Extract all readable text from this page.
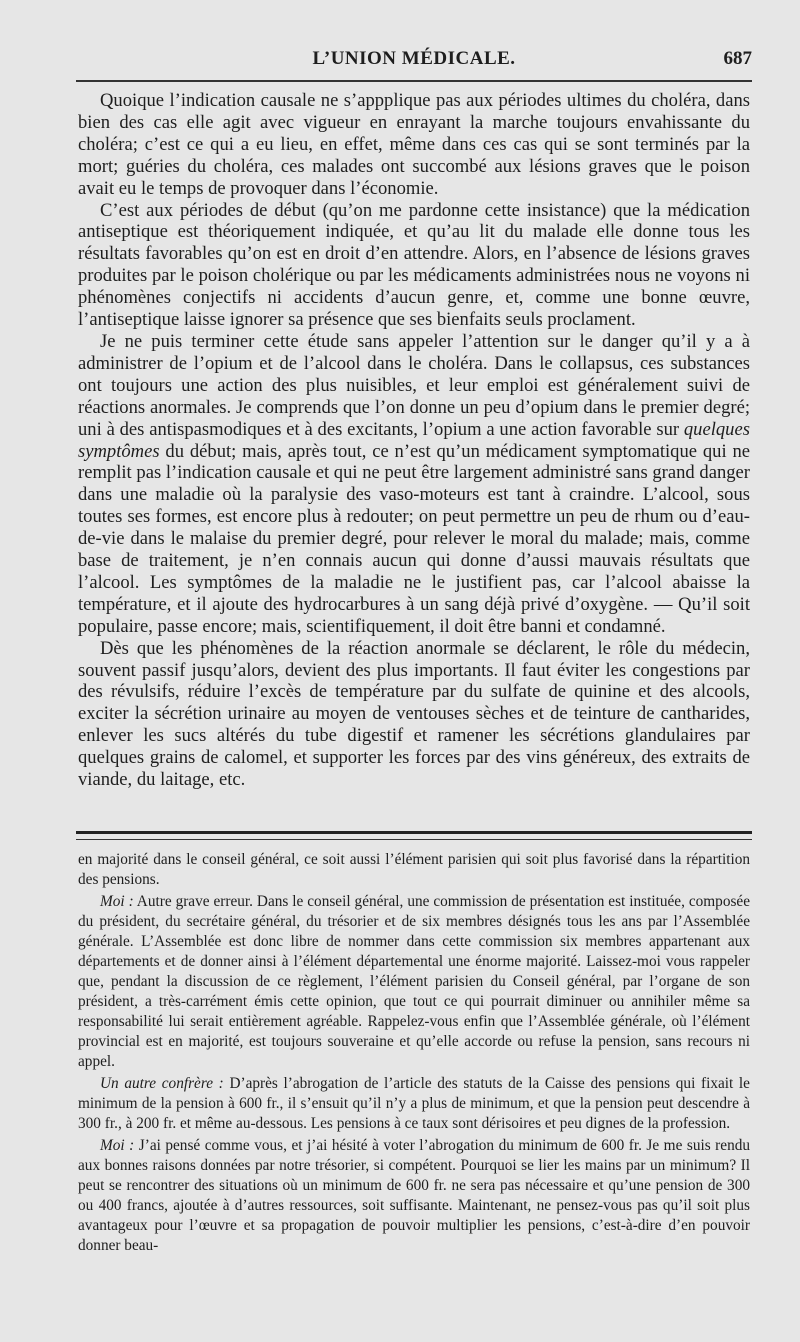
L’UNION MÉDICALE.	687

Quoique l’indication causale ne s’appplique pas aux périodes ultimes du choléra, dans bien des cas elle agit avec vigueur en enrayant la marche toujours envahissante du choléra; c’est ce qui a eu lieu, en effet, même dans ces cas qui se sont terminés par la mort; guéries du choléra, ces malades ont succombé aux lésions graves que le poison avait eu le temps de provoquer dans l’économie.

C’est aux périodes de début (qu’on me pardonne cette insistance) que la médication antiseptique est théoriquement indiquée, et qu’au lit du malade elle donne tous les résultats favorables qu’on est en droit d’en attendre. Alors, en l’absence de lésions graves produites par le poison cholérique ou par les médicaments administrées nous ne voyons ni phénomènes conjectifs ni accidents d’aucun genre, et, comme une bonne œuvre, l’antiseptique laisse ignorer sa présence que ses bienfaits seuls proclament.

Je ne puis terminer cette étude sans appeler l’attention sur le danger qu’il y a à administrer de l’opium et de l’alcool dans le choléra. Dans le collapsus, ces substances ont toujours une action des plus nuisibles, et leur emploi est généralement suivi de réactions anormales. Je comprends que l’on donne un peu d’opium dans le premier degré; uni à des antispasmodiques et à des excitants, l’opium a une action favorable sur quelques symptômes du début; mais, après tout, ce n’est qu’un médicament symptomatique qui ne remplit pas l’indication causale et qui ne peut être largement administré sans grand danger dans une maladie où la paralysie des vaso-moteurs est tant à craindre. L’alcool, sous toutes ses formes, est encore plus à redouter; on peut permettre un peu de rhum ou d’eau-de-vie dans le malaise du premier degré, pour relever le moral du malade; mais, comme base de traitement, je n’en connais aucun qui donne d’aussi mauvais résultats que l’alcool. Les symptômes de la maladie ne le justifient pas, car l’alcool abaisse la température, et il ajoute des hydrocarbures à un sang déjà privé d’oxygène. — Qu’il soit populaire, passe encore; mais, scientifiquement, il doit être banni et condamné.

Dès que les phénomènes de la réaction anormale se déclarent, le rôle du médecin, souvent passif jusqu’alors, devient des plus importants. Il faut éviter les congestions par des révulsifs, réduire l’excès de température par du sulfate de quinine et des alcools, exciter la sécrétion urinaire au moyen de ventouses sèches et de teinture de cantharides, enlever les sucs altérés du tube digestif et ramener les sécrétions glandulaires par quelques grains de calomel, et supporter les forces par des vins généreux, des extraits de viande, du laitage, etc.

en majorité dans le conseil général, ce soit aussi l’élément parisien qui soit plus favorisé dans la répartition des pensions.

Moi : Autre grave erreur. Dans le conseil général, une commission de présentation est instituée, composée du président, du secrétaire général, du trésorier et de six membres désignés tous les ans par l’Assemblée générale. L’Assemblée est donc libre de nommer dans cette commission six membres appartenant aux départements et de donner ainsi à l’élément départemental une énorme majorité. Laissez-moi vous rappeler que, pendant la discussion de ce règlement, l’élément parisien du Conseil général, par l’organe de son président, a très-carrément émis cette opinion, que tout ce qui pourrait diminuer ou annihiler même sa responsabilité lui serait entièrement agréable. Rappelez-vous enfin que l’Assemblée générale, où l’élément provincial est en majorité, est toujours souveraine et qu’elle accorde ou refuse la pension, sans recours ni appel.

Un autre confrère : D’après l’abrogation de l’article des statuts de la Caisse des pensions qui fixait le minimum de la pension à 600 fr., il s’ensuit qu’il n’y a plus de minimum, et que la pension peut descendre à 300 fr., à 200 fr. et même au-dessous. Les pensions à ce taux sont dérisoires et peu dignes de la profession.

Moi : J’ai pensé comme vous, et j’ai hésité à voter l’abrogation du minimum de 600 fr. Je me suis rendu aux bonnes raisons données par notre trésorier, si compétent. Pourquoi se lier les mains par un minimum? Il peut se rencontrer des situations où un minimum de 600 fr. ne sera pas nécessaire et qu’une pension de 300 ou 400 francs, ajoutée à d’autres ressources, soit suffisante. Maintenant, ne pensez-vous pas qu’il soit plus avantageux pour l’œuvre et sa propagation de pouvoir multiplier les pensions, c’est-à-dire d’en pouvoir donner beau-
